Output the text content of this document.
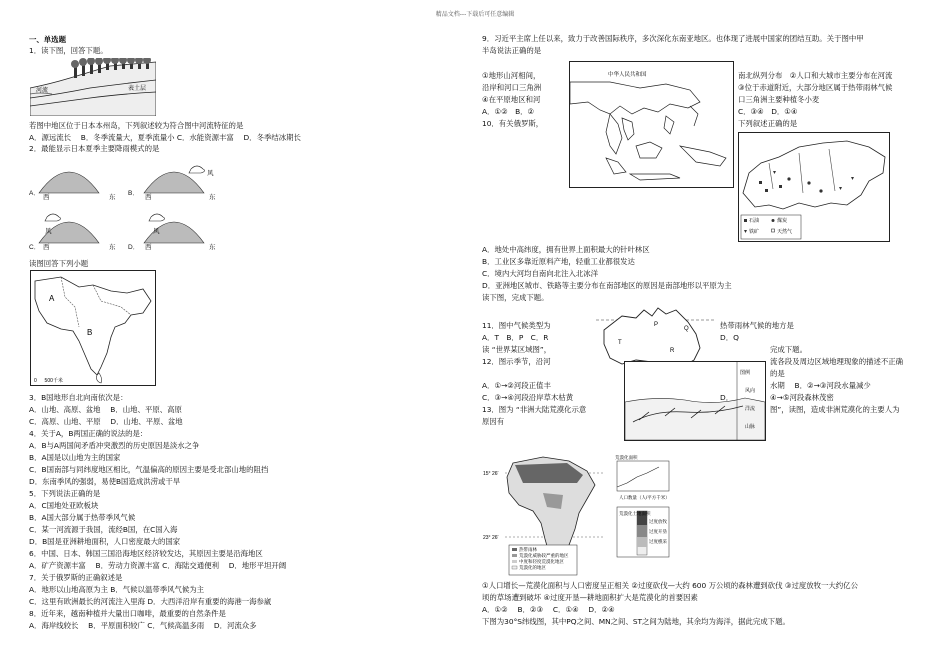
精品文档---下载后可任意编辑
一、单选题
1．读下图，回答下题。
河流	表土层
若图中地区位于日本本州岛，下列叙述较为符合图中河流特征的是
A．源远流长　 B．冬季流量大，夏季流量小 C．水能资源丰富　 D．冬季结冰期长
2．最能显示日本夏季主要降雨模式的是
A．
西	东
B．
西	东
风
C． 西	东
风
D． 西	东
风
读图回答下列小题
A
B
0 　 500千米
3．B国地形自北向南依次是：
A．山地、高原、盆地　 B．山地、平原、高原
C．高原、山地、平原　 D．山地、平原、盆地
4．关于A，B两国正确的说法的是：
A．B与A两国间矛盾冲突激烈的历史原因是淡水之争
B．A国是以山地为主的国家
C．B国南部与同纬度地区相比，气温偏高的原因主要是受北部山地的阻挡
D．东南季风的强弱，易使B国造成洪涝或干旱
5．下列说法正确的是
A．C国地处亚欧板块
B．A国大部分属于热带季风气候
C．某一河流源于我国，流经B国，在C国入海
D．B国是亚洲耕地面积，人口密度最大的国家
6．中国、日本、韩国三国沿海地区经济较发达，其原因主要是沿海地区
A．矿产资源丰富　 B．劳动力资源丰富 C．海陆交通便利　 D．地形平坦开阔
7．关于俄罗斯的正确叙述是
A．地形以山地高原为主 B．气候以温带季风气候为主
C．这里有欧洲最长的河流注入里海 D．大西洋沿岸有重要的海港一海参崴
8．近年来，越南种植并大量出口咖啡，最重要的自然条件是
A．海岸线较长　 B．平原面积较广 C．气候高温多雨　 D．河流众多
9．习近平主席上任以来，致力于改善国际秩序，多次深化东南亚地区。也体现了进展中国家的团结互助。关于图中甲
半岛说法正确的是
中华人民共和国
①地形山河相间，	南北纵列分布　②人口和大城市主要分布在河流
沿岸和河口三角洲	③位于赤道附近，大部分地区属于热带雨林气候
④在平原地区和河	口三角洲主要种植冬小麦
A．①②　B．②	C．③④　D．①④
10．有关俄罗斯，	下列叙述正确的是
石油	煤炭
铁矿	天然气
A．地处中高纬度，拥有世界上面积最大的针叶林区
B．工业区多靠近原料产地，轻重工业都很发达
C．境内大河均自南向北注入北冰洋
D．亚洲地区城市、铁路等主要分布在南部地区的原因是南部地形以平原为主
读下图，完成下题。
T
P
Q
R
11．图中气候类型为	热带雨林气候的地方是
A．T　B．P　C．R	D．Q
读 “世界某区域图”，	完成下题。
12．图示季节，沿河	流各段及周边区域地理现象的描述不正确
图例
风向
洋流
山脉
的是
A．①→②河段正值丰	水期　 B．②→③河段水量减少
C．③→④河段沿岸草木枯黄	D．	④→⑤河段森林茂密
13．图为 “非洲大陆荒漠化示意	图”，读图，造成非洲荒漠化的主要人为
原因有
15° 26′
23° 26′
热带雨林
荒漠化威胁较严重的地区
中度和轻度荒漠化地区
荒漠化的地区
荒漠化面积
人口数量（人/平方千米）
荒漠化土地面积
过度放牧
过度开垦
过度樵采
①人口增长—荒漠化面积与人口密度呈正相关 ②过度砍伐—大约 600 万公顷的森林遭到砍伐 ③过度放牧一大约亿公
顷的草场遭到破坏 ④过度开垦—耕地面积扩大是荒漠化的首要因素
A．①②　 B．②③　 C．①④　 D．②④
下图为30°S纬线图，其中PQ之间、MN之间、ST之间为陆地，其余均为海洋，据此完成下题。
